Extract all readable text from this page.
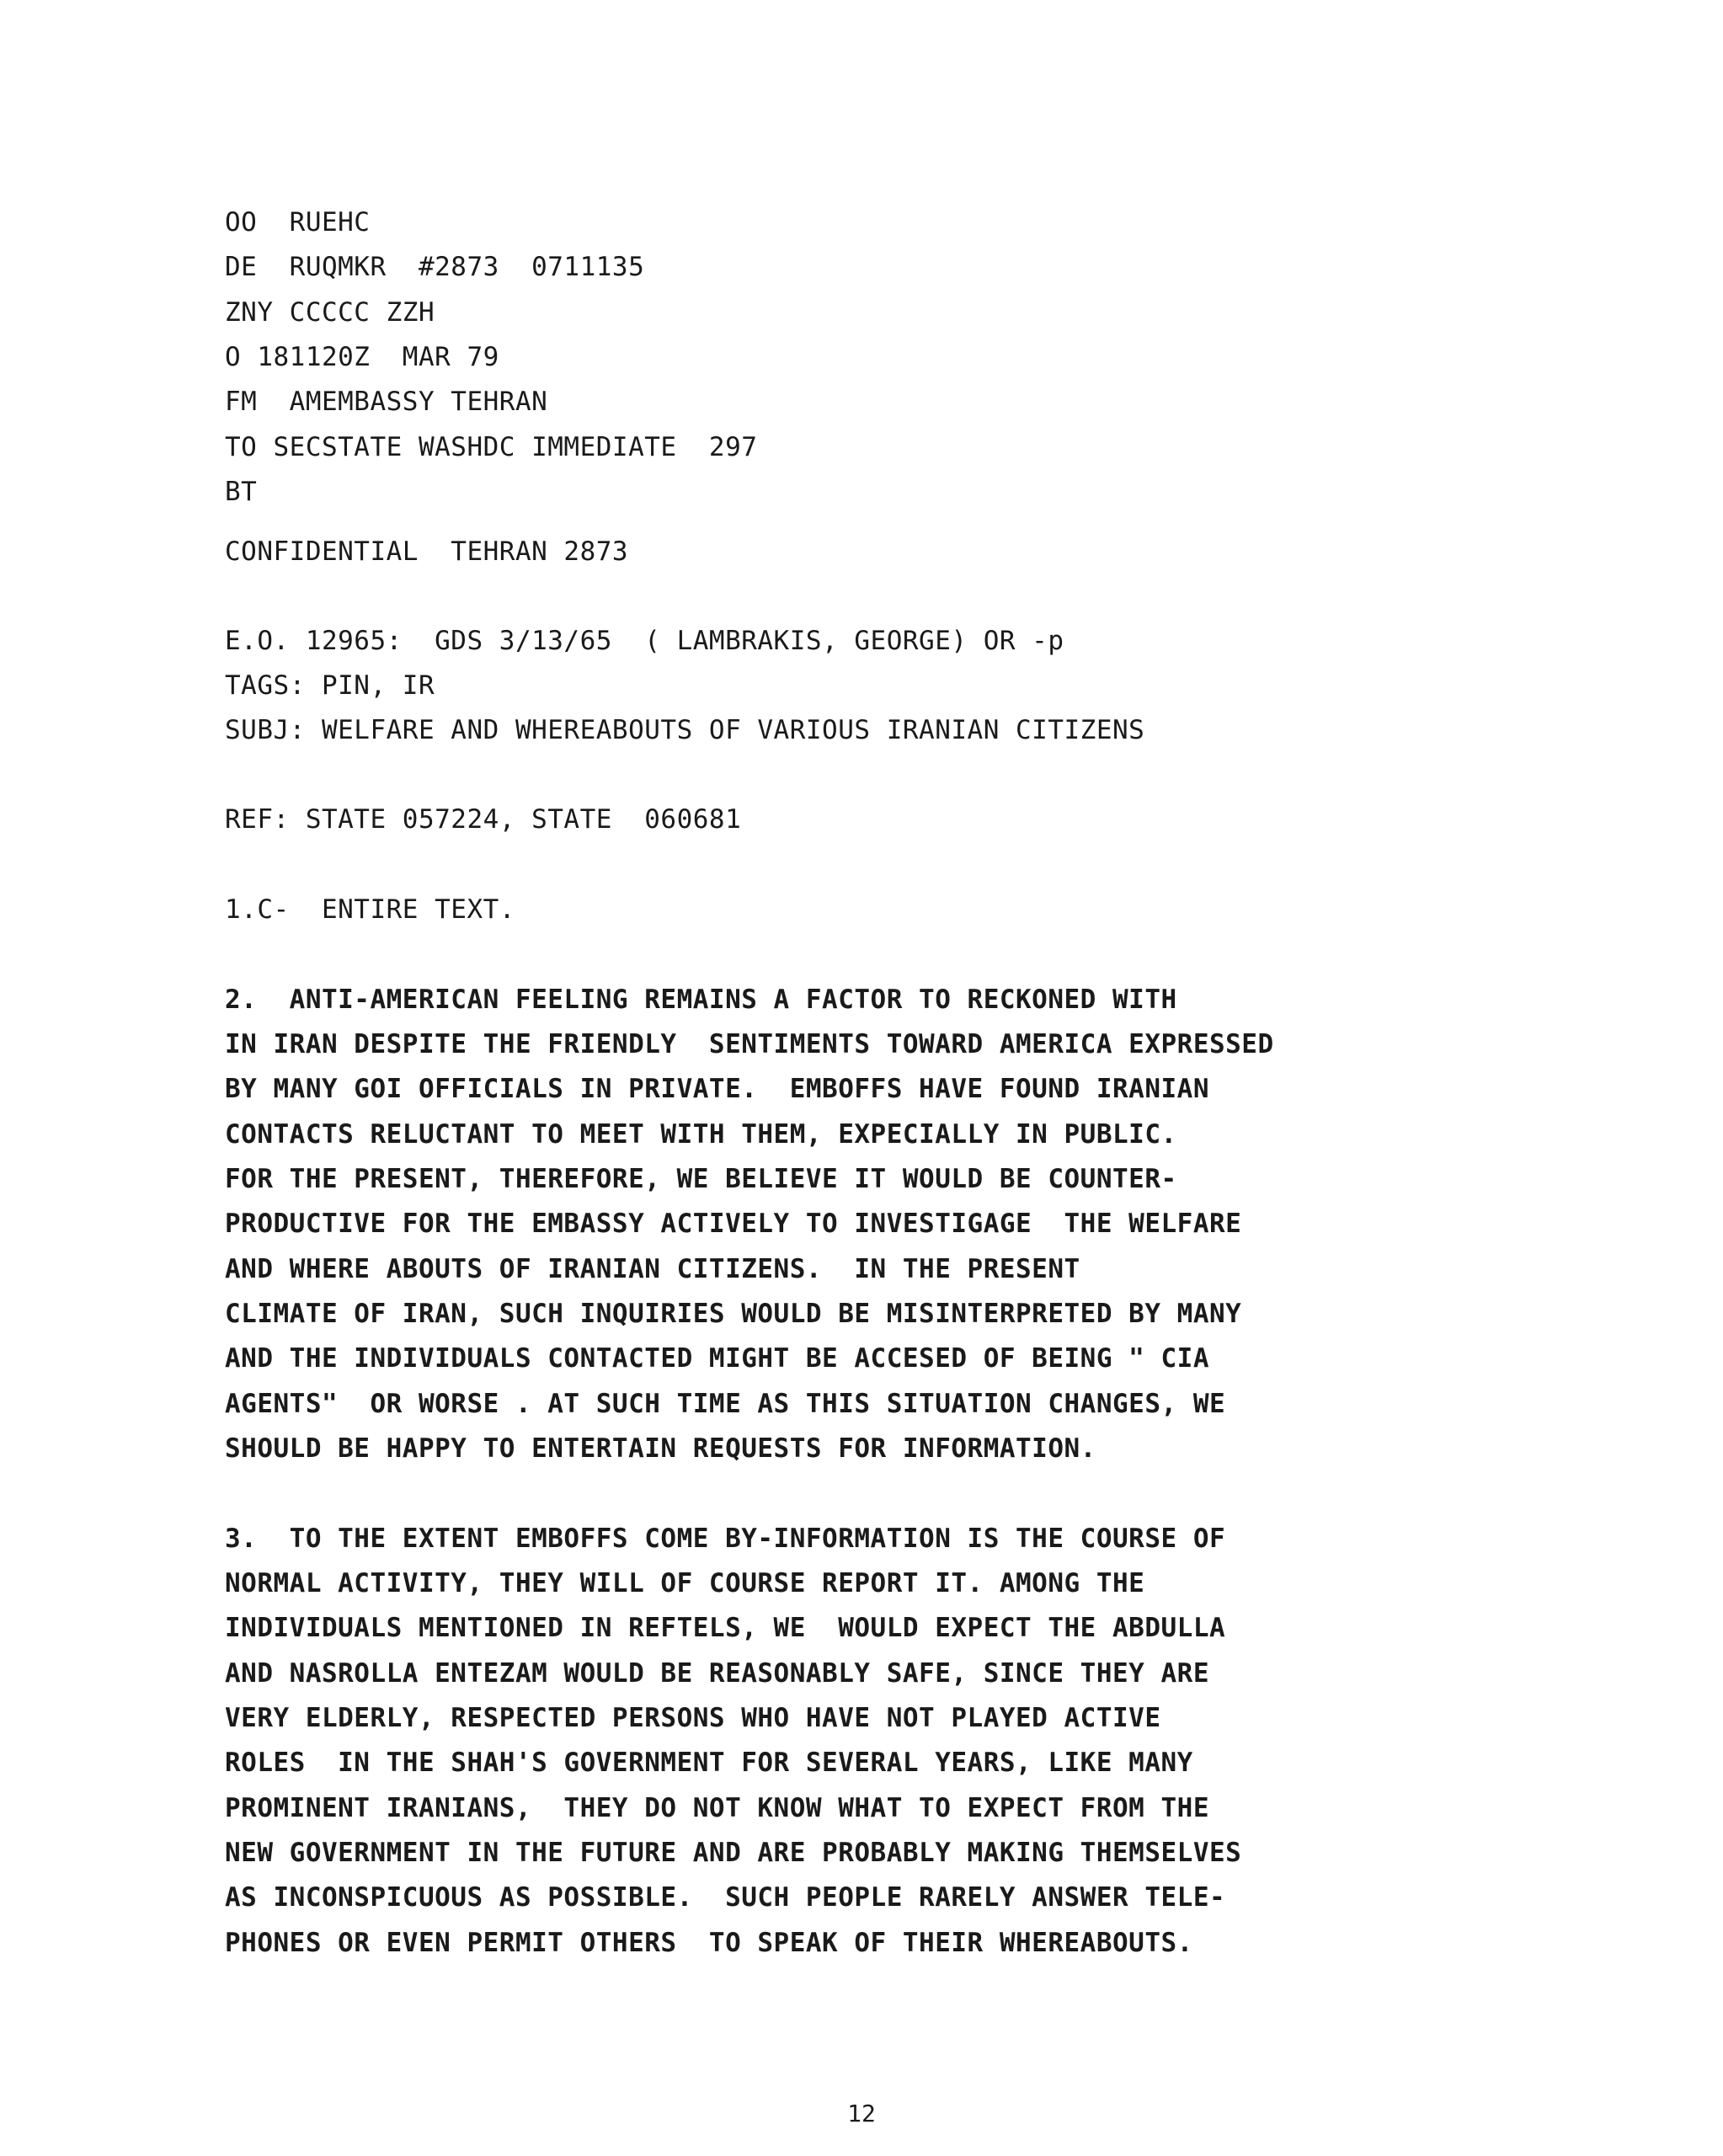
OO  RUEHC
DE  RUQMKR  #2873  0711135
ZNY CCCCC ZZH
O 181120Z  MAR 79
FM  AMEMBASSY TEHRAN
TO SECSTATE WASHDC IMMEDIATE  297
BT
CONFIDENTIAL  TEHRAN 2873
E.O. 12965:  GDS 3/13/65  ( LAMBRAKIS, GEORGE) OR -p
TAGS: PIN, IR
SUBJ: WELFARE AND WHEREABOUTS OF VARIOUS IRANIAN CITIZENS
REF: STATE 057224, STATE  060681
1.C-  ENTIRE TEXT.
2.  ANTI-AMERICAN FEELING REMAINS A FACTOR TO RECKONED WITH
IN IRAN DESPITE THE FRIENDLY  SENTIMENTS TOWARD AMERICA EXPRESSED
BY MANY GOI OFFICIALS IN PRIVATE.  EMBOFFS HAVE FOUND IRANIAN
CONTACTS RELUCTANT TO MEET WITH THEM, EXPECIALLY IN PUBLIC.
FOR THE PRESENT, THEREFORE, WE BELIEVE IT WOULD BE COUNTER-
PRODUCTIVE FOR THE EMBASSY ACTIVELY TO INVESTIGAGE  THE WELFARE
AND WHERE ABOUTS OF IRANIAN CITIZENS.  IN THE PRESENT
CLIMATE OF IRAN, SUCH INQUIRIES WOULD BE MISINTERPRETED BY MANY
AND THE INDIVIDUALS CONTACTED MIGHT BE ACCESED OF BEING " CIA
AGENTS"  OR WORSE . AT SUCH TIME AS THIS SITUATION CHANGES, WE
SHOULD BE HAPPY TO ENTERTAIN REQUESTS FOR INFORMATION.
3.  TO THE EXTENT EMBOFFS COME BY-INFORMATION IS THE COURSE OF
NORMAL ACTIVITY, THEY WILL OF COURSE REPORT IT. AMONG THE
INDIVIDUALS MENTIONED IN REFTELS, WE  WOULD EXPECT THE ABDULLA
AND NASROLLA ENTEZAM WOULD BE REASONABLY SAFE, SINCE THEY ARE
VERY ELDERLY, RESPECTED PERSONS WHO HAVE NOT PLAYED ACTIVE
ROLES  IN THE SHAH'S GOVERNMENT FOR SEVERAL YEARS, LIKE MANY
PROMINENT IRANIANS,  THEY DO NOT KNOW WHAT TO EXPECT FROM THE
NEW GOVERNMENT IN THE FUTURE AND ARE PROBABLY MAKING THEMSELVES
AS INCONSPICUOUS AS POSSIBLE.  SUCH PEOPLE RARELY ANSWER TELE-
PHONES OR EVEN PERMIT OTHERS  TO SPEAK OF THEIR WHEREABOUTS.
12
